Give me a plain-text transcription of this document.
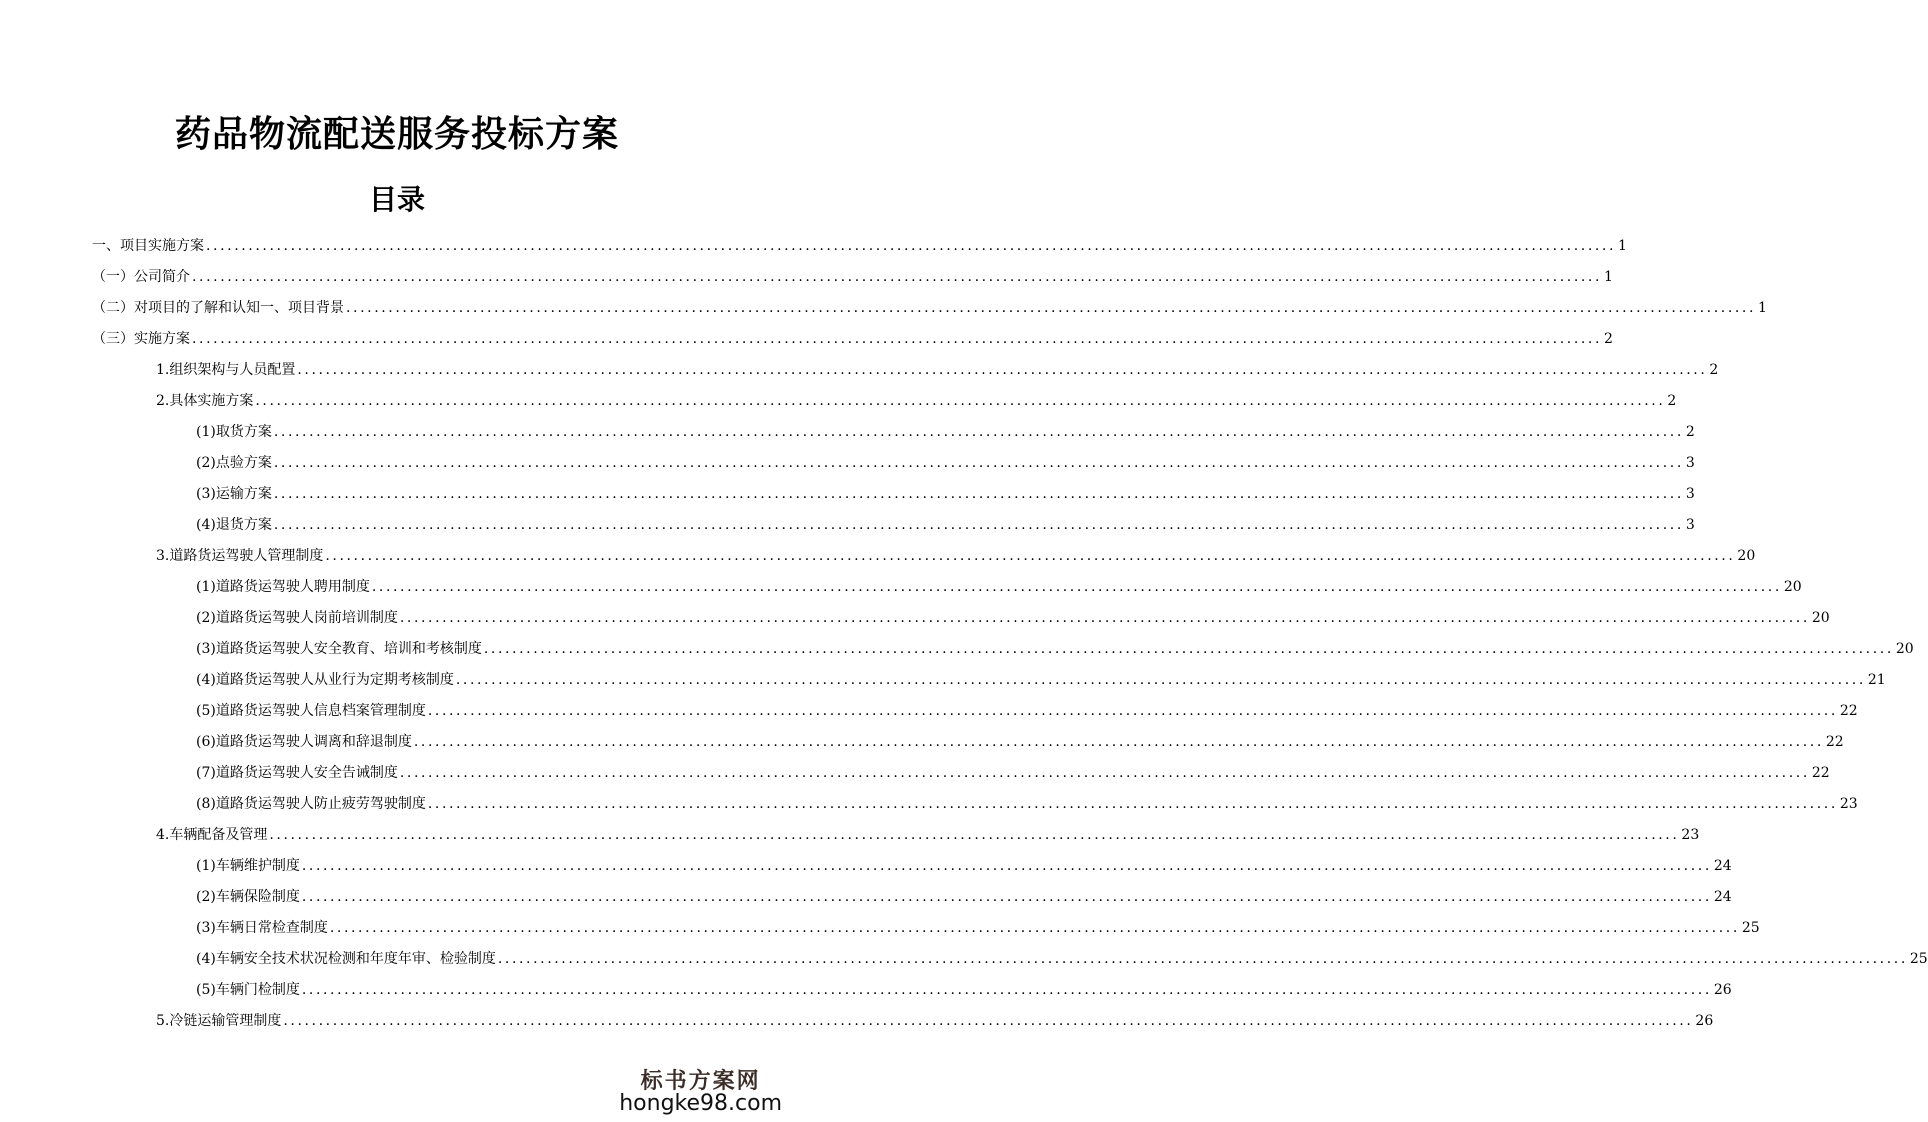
药品物流配送服务投标方案
目录
一、 项目实施方案 ........................................................................................................................................................................................................ 1
（一） 公司简介 ........................................................................................................................................................................................................ 1
（二） 对项目的了解和认知一、项目背景 ........................................................................................................................................................................................................ 1
（三） 实施方案 ........................................................................................................................................................................................................ 2
1. 组织架构与人员配置 ........................................................................................................................................................................................................ 2
2. 具体实施方案 ........................................................................................................................................................................................................ 2
(1) 取货方案 ........................................................................................................................................................................................................ 2
(2) 点验方案 ........................................................................................................................................................................................................ 3
(3) 运输方案 ........................................................................................................................................................................................................ 3
(4) 退货方案 ........................................................................................................................................................................................................ 3
3. 道路货运驾驶人管理制度 ........................................................................................................................................................................................................ 20
(1) 道路货运驾驶人聘用制度 ........................................................................................................................................................................................................ 20
(2) 道路货运驾驶人岗前培训制度 ........................................................................................................................................................................................................ 20
(3) 道路货运驾驶人安全教育、培训和考核制度 ........................................................................................................................................................................................................ 20
(4) 道路货运驾驶人从业行为定期考核制度 ........................................................................................................................................................................................................ 21
(5) 道路货运驾驶人信息档案管理制度 ........................................................................................................................................................................................................ 22
(6) 道路货运驾驶人调离和辞退制度 ........................................................................................................................................................................................................ 22
(7) 道路货运驾驶人安全告诫制度 ........................................................................................................................................................................................................ 22
(8) 道路货运驾驶人防止疲劳驾驶制度 ........................................................................................................................................................................................................ 23
4. 车辆配备及管理 ........................................................................................................................................................................................................ 23
(1) 车辆维护制度 ........................................................................................................................................................................................................ 24
(2) 车辆保险制度 ........................................................................................................................................................................................................ 24
(3) 车辆日常检查制度 ........................................................................................................................................................................................................ 25
(4) 车辆安全技术状况检测和年度年审、检验制度 ........................................................................................................................................................................................................ 25
(5) 车辆门检制度 ........................................................................................................................................................................................................ 26
5. 冷链运输管理制度 ........................................................................................................................................................................................................ 26
标书方案网
hongke98.com
